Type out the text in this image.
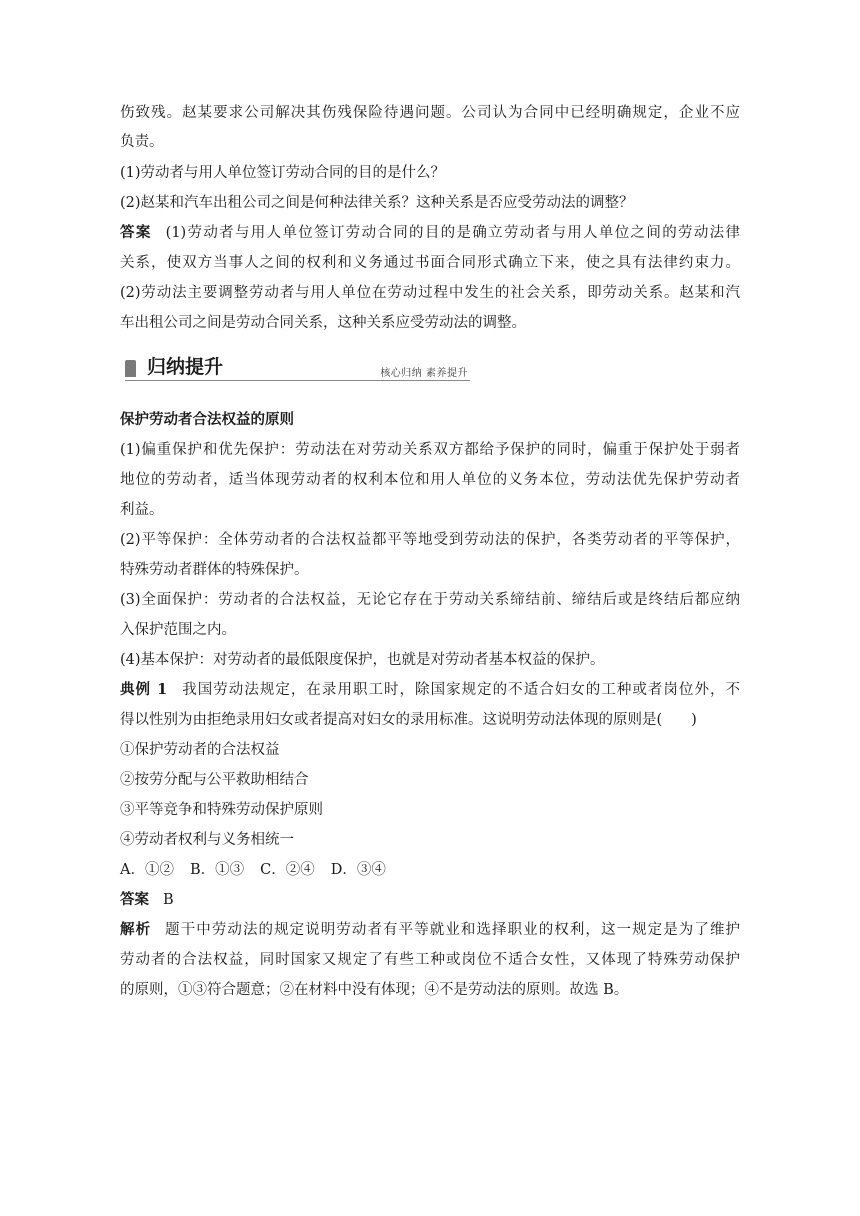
伤致残。赵某要求公司解决其伤残保险待遇问题。公司认为合同中已经明确规定，企业不应
负责。
(1)劳动者与用人单位签订劳动合同的目的是什么？
(2)赵某和汽车出租公司之间是何种法律关系？这种关系是否应受劳动法的调整？
答案 (1)劳动者与用人单位签订劳动合同的目的是确立劳动者与用人单位之间的劳动法律
关系，使双方当事人之间的权利和义务通过书面合同形式确立下来，使之具有法律约束力。
(2)劳动法主要调整劳动者与用人单位在劳动过程中发生的社会关系，即劳动关系。赵某和汽
车出租公司之间是劳动合同关系，这种关系应受劳动法的调整。
归纳提升	核心归纳 素养提升
保护劳动者合法权益的原则
(1)偏重保护和优先保护：劳动法在对劳动关系双方都给予保护的同时，偏重于保护处于弱者
地位的劳动者，适当体现劳动者的权利本位和用人单位的义务本位，劳动法优先保护劳动者
利益。
(2)平等保护：全体劳动者的合法权益都平等地受到劳动法的保护，各类劳动者的平等保护，
特殊劳动者群体的特殊保护。
(3)全面保护：劳动者的合法权益，无论它存在于劳动关系缔结前、缔结后或是终结后都应纳
入保护范围之内。
(4)基本保护：对劳动者的最低限度保护，也就是对劳动者基本权益的保护。
典例 1 我国劳动法规定，在录用职工时，除国家规定的不适合妇女的工种或者岗位外，不
得以性别为由拒绝录用妇女或者提高对妇女的录用标准。这说明劳动法体现的原则是(　　)
①保护劳动者的合法权益
②按劳分配与公平救助相结合
③平等竞争和特殊劳动保护原则
④劳动者权利与义务相统一
A．①② B．①③ C．②④ D．③④
答案 B
解析 题干中劳动法的规定说明劳动者有平等就业和选择职业的权利，这一规定是为了维护
劳动者的合法权益，同时国家又规定了有些工种或岗位不适合女性，又体现了特殊劳动保护
的原则，①③符合题意；②在材料中没有体现；④不是劳动法的原则。故选 B。
